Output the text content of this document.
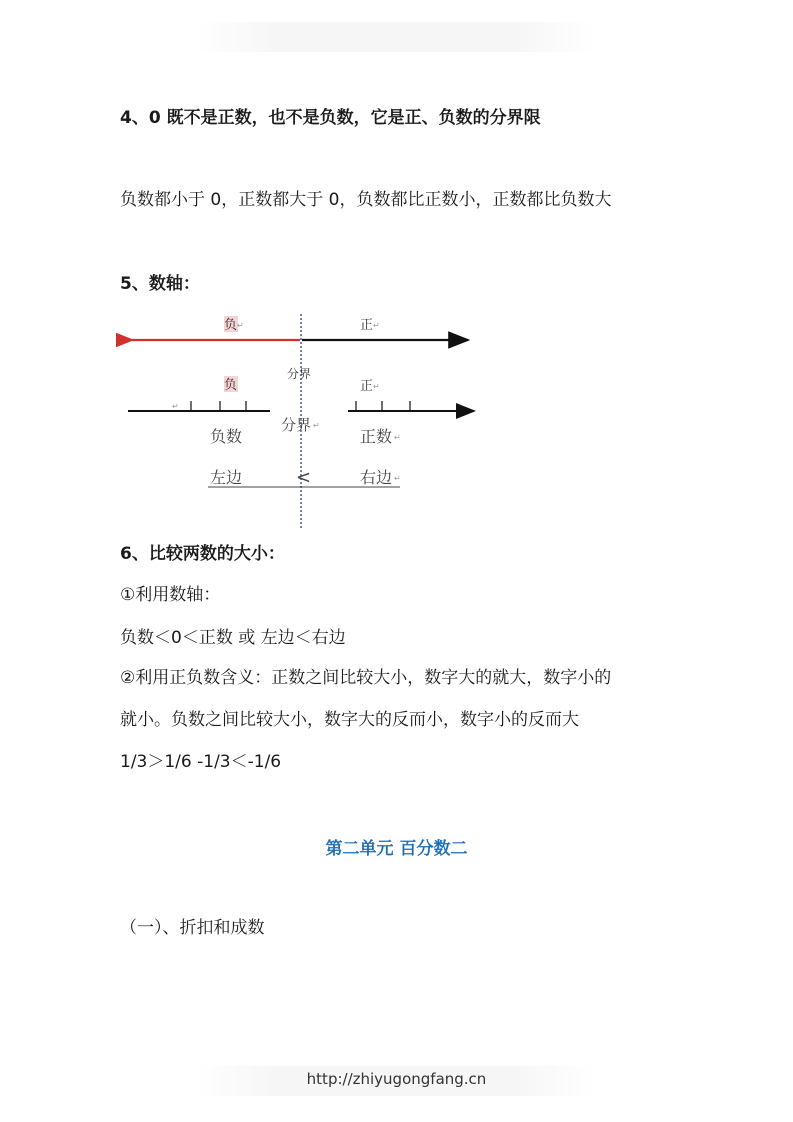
4、0 既不是正数，也不是负数，它是正、负数的分界限

负数都小于 0，正数都大于 0，负数都比正数小，正数都比负数大

5、数轴：

负 ↵	正 ↵
分界
负	正 ↵
↵
分界 ↵
负数	正数 ↵
左边	<	右边 ↵

6、比较两数的大小：

①利用数轴：

负数＜0＜正数 或 左边＜右边

②利用正负数含义：正数之间比较大小，数字大的就大，数字小的

就小。负数之间比较大小，数字大的反而小，数字小的反而大

1/3＞1/6 -1/3＜-1/6

第二单元 百分数二

（一）、折扣和成数

http://zhiyugongfang.cn
